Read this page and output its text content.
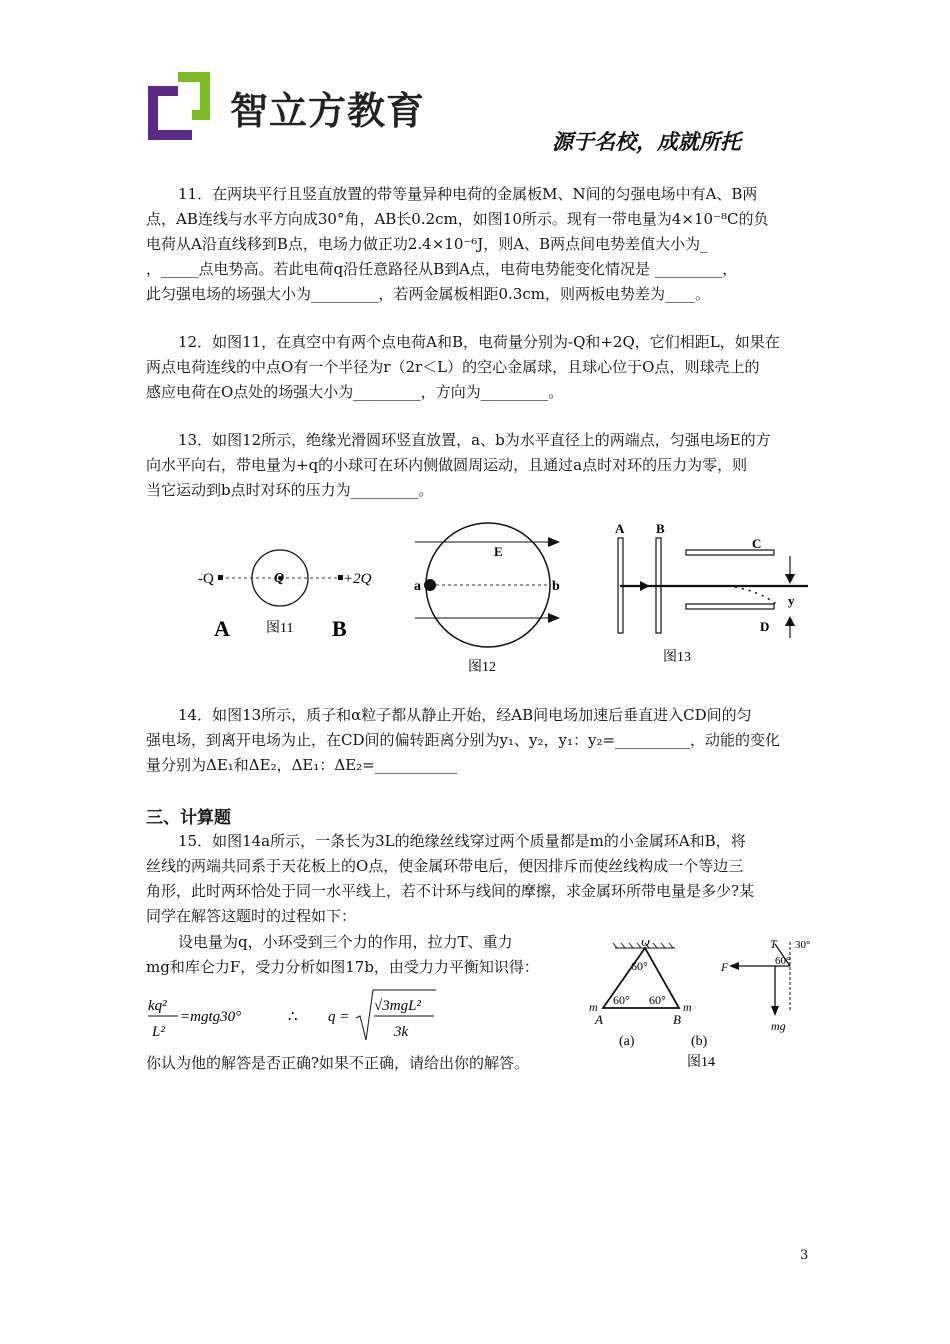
智立方教育
源于名校，成就所托
11．在两块平行且竖直放置的带等量异种电荷的金属板M、N间的匀强电场中有A、B两
点，AB连线与水平方向成30°角，AB长0.2cm，如图10所示。现有一带电量为4×10⁻⁸C的负
电荷从A沿直线移到B点，电场力做正功2.4×10⁻⁶J，则A、B两点间电势差值大小为_
，_____点电势高。若此电荷q沿任意路径从B到A点，电荷电势能变化情况是 _________，
此匀强电场的场强大小为_________，若两金属板相距0.3cm，则两板电势差为____。
12．如图11，在真空中有两个点电荷A和B，电荷量分别为-Q和+2Q，它们相距L，如果在
两点电荷连线的中点O有一个半径为r（2r＜L）的空心金属球，且球心位于O点，则球壳上的
感应电荷在O点处的场强大小为_________，方向为_________。
13．如图12所示，绝缘光滑圆环竖直放置，a、b为水平直径上的两端点，匀强电场E的方
向水平向右，带电量为+q的小球可在环内侧做圆周运动，且通过a点时对环的压力为零，则
当它运动到b点时对环的压力为_________。
-Q	+2Q
Q
A	图11 B
E
a	b
图12
A B
C
D
y
图13
14．如图13所示，质子和α粒子都从静止开始，经AB间电场加速后垂直进入CD间的匀
强电场，到离开电场为止，在CD间的偏转距离分别为y₁、y₂，y₁：y₂=__________，动能的变化
量分别为ΔE₁和ΔE₂，ΔE₁：ΔE₂=___________
三、计算题
15．如图14a所示，一条长为3L的绝缘丝线穿过两个质量都是m的小金属环A和B，将
丝线的两端共同系于天花板上的O点，使金属环带电后，便因排斥而使丝线构成一个等边三
角形，此时两环恰处于同一水平线上，若不计环与线间的摩擦，求金属环所带电量是多少?某
同学在解答这题时的过程如下：
设电量为q，小环受到三个力的作用，拉力T、重力
mg和库仑力F，受力分析如图17b，由受力力平衡知识得：
kq²
L²
=mgtg30°	∴ q =
√3mgL²
3k
你认为他的解答是否正确?如果不正确，请给出你的解答。
O
60°
60° 60°
m	m
A	B
T 30°
60°
F
mg
(a)	(b)
图14
3
